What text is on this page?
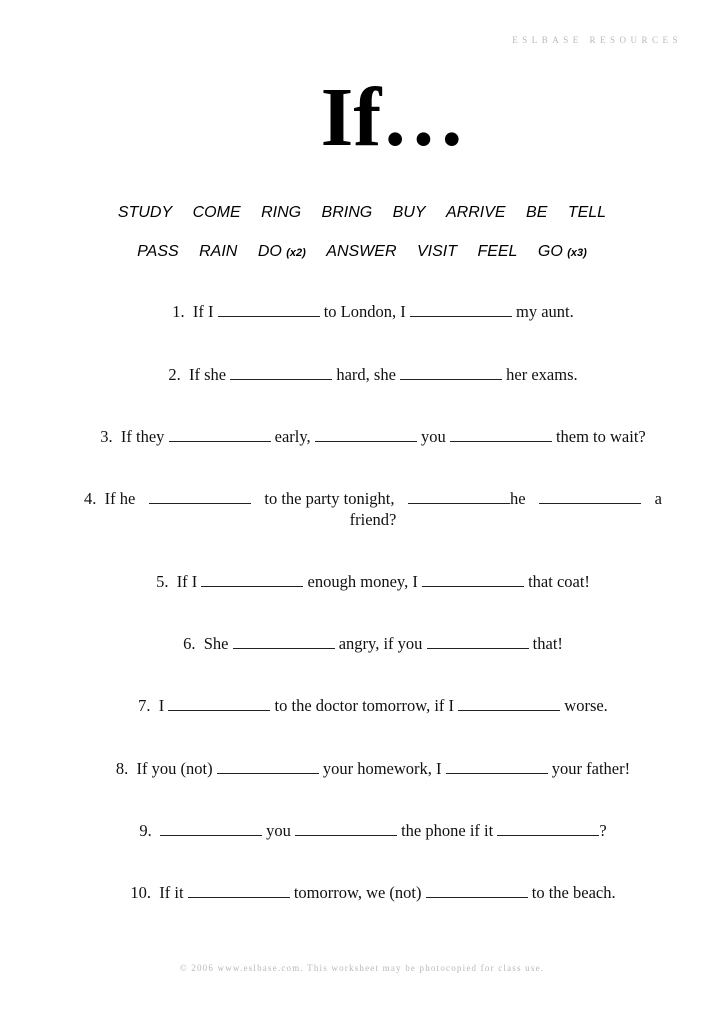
ESLBASE RESOURCES
If…
STUDY COME RING BRING BUY ARRIVE BE TELL
PASS RAIN DO (x2) ANSWER VISIT FEEL GO (x3)
1. If I	to London, I	my aunt.
2. If she	hard, she	her exams.
3. If they	early,	you	them to wait?
4. If he	to the party tonight,	he	a
friend?
5. If I	enough money, I	that coat!
6. She	angry, if you	that!
7. I	to the doctor tomorrow, if I	worse.
8. If you (not)	your homework, I	your father!
9.	you	the phone if it	?
10. If it	tomorrow, we (not)	to the beach.
© 2006 www.eslbase.com. This worksheet may be photocopied for class use.
